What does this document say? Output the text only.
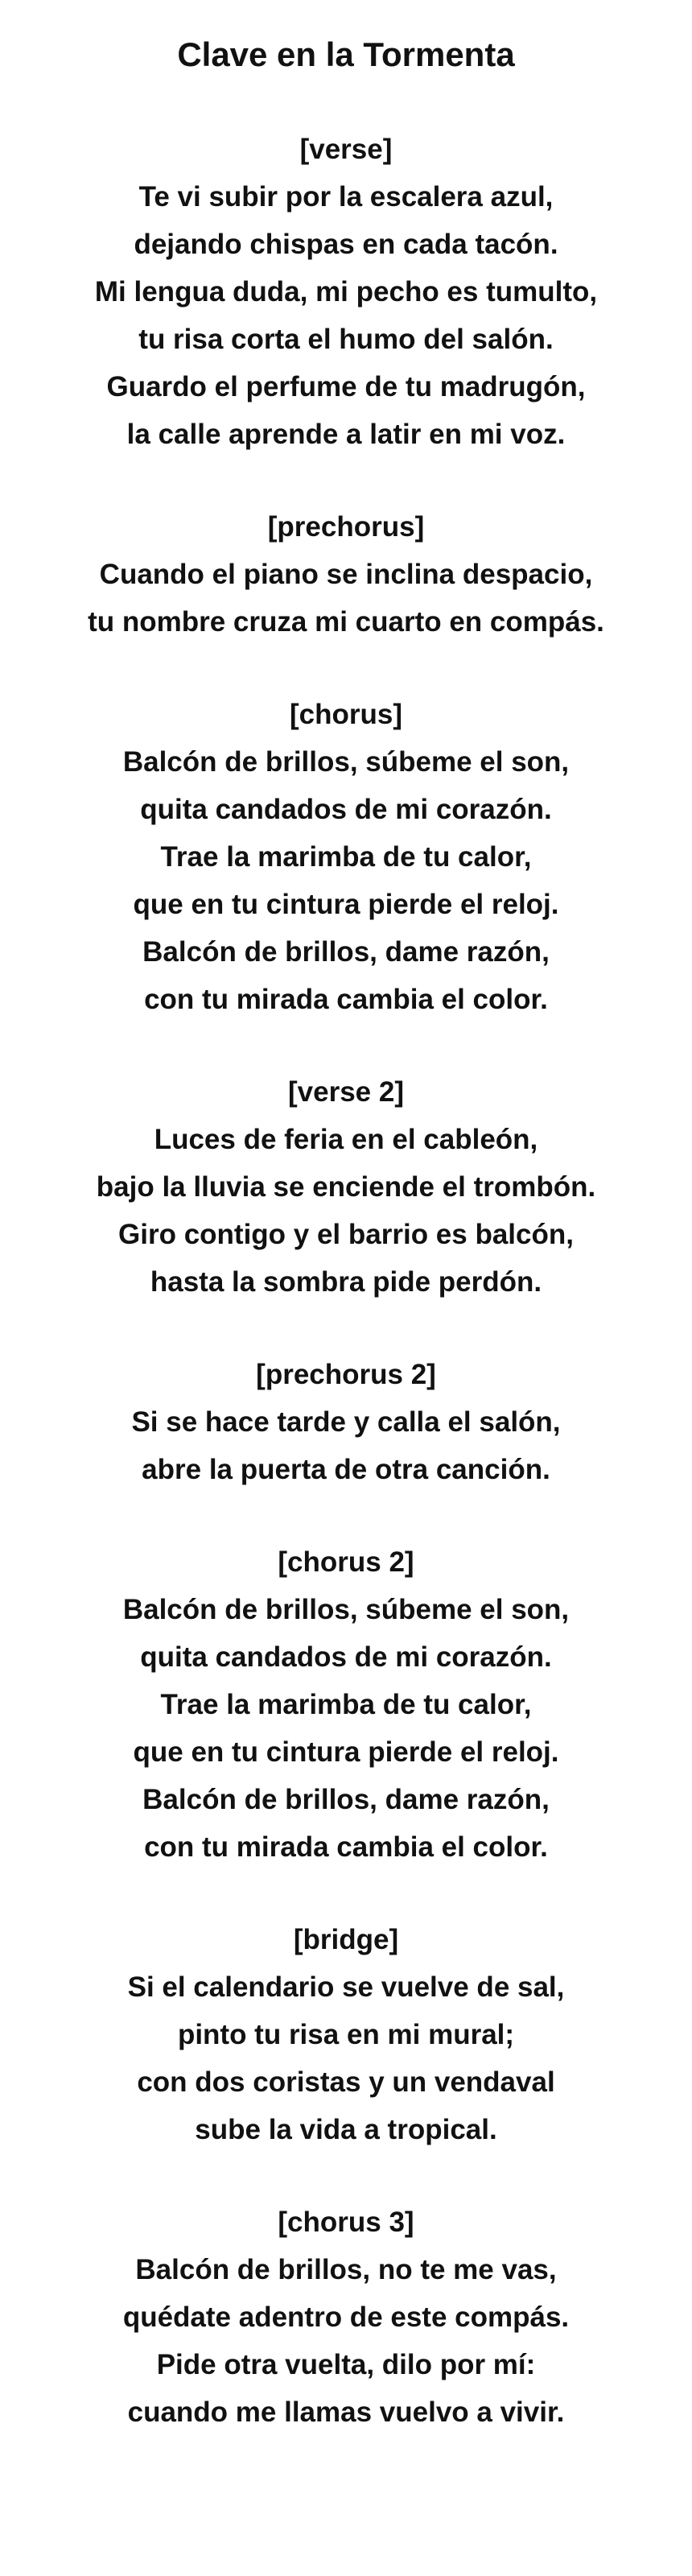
Clave en la Tormenta

[verse]

Te vi subir por la escalera azul,

dejando chispas en cada tacón.

Mi lengua duda, mi pecho es tumulto,

tu risa corta el humo del salón.

Guardo el perfume de tu madrugón,

la calle aprende a latir en mi voz.

[prechorus]

Cuando el piano se inclina despacio,

tu nombre cruza mi cuarto en compás.

[chorus]

Balcón de brillos, súbeme el son,

quita candados de mi corazón.

Trae la marimba de tu calor,

que en tu cintura pierde el reloj.

Balcón de brillos, dame razón,

con tu mirada cambia el color.

[verse 2]

Luces de feria en el cableón,

bajo la lluvia se enciende el trombón.

Giro contigo y el barrio es balcón,

hasta la sombra pide perdón.

[prechorus 2]

Si se hace tarde y calla el salón,

abre la puerta de otra canción.

[chorus 2]

Balcón de brillos, súbeme el son,

quita candados de mi corazón.

Trae la marimba de tu calor,

que en tu cintura pierde el reloj.

Balcón de brillos, dame razón,

con tu mirada cambia el color.

[bridge]

Si el calendario se vuelve de sal,

pinto tu risa en mi mural;

con dos coristas y un vendaval

sube la vida a tropical.

[chorus 3]

Balcón de brillos, no te me vas,

quédate adentro de este compás.

Pide otra vuelta, dilo por mí:

cuando me llamas vuelvo a vivir.
